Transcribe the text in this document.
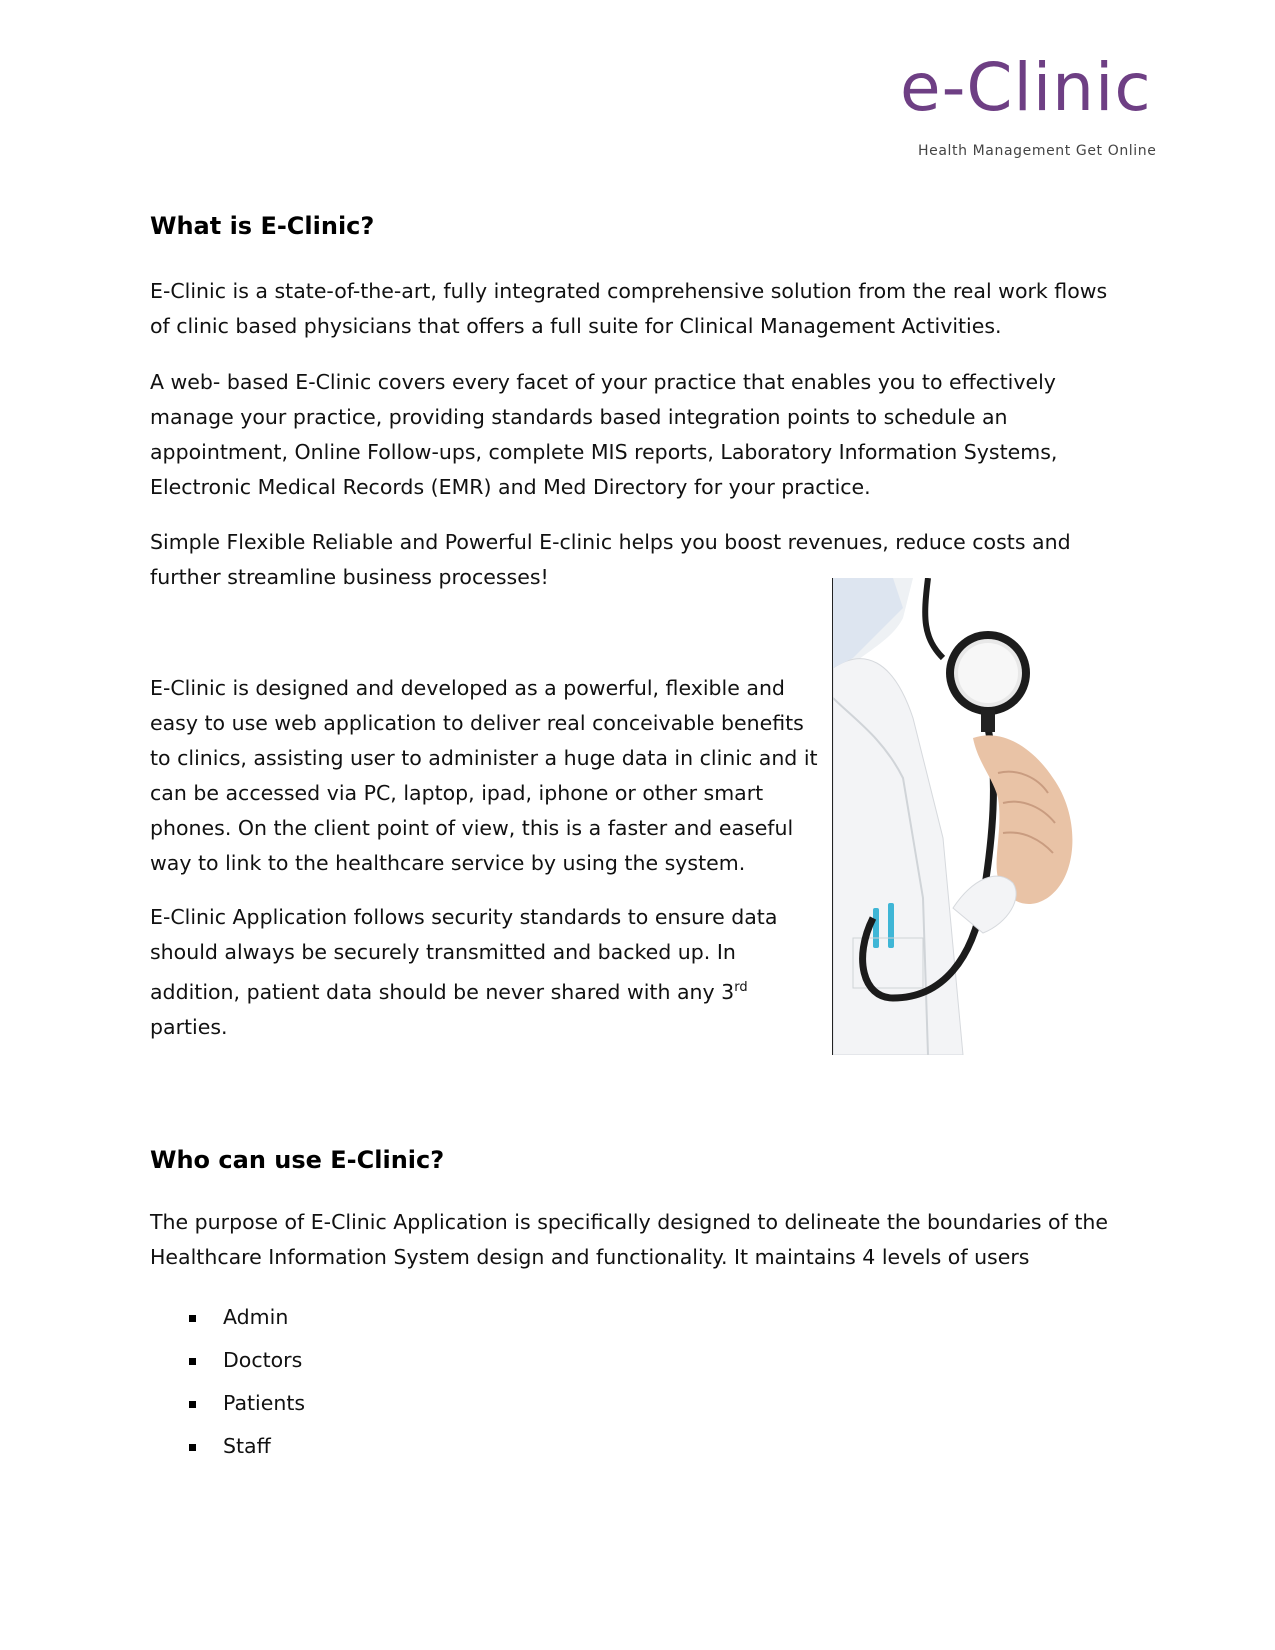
e-Clinic
Health Management Get Online
What is E-Clinic?

E-Clinic is a state-of-the-art, fully integrated comprehensive solution from the real work flows of clinic based physicians that offers a full suite for Clinical Management Activities.

A web- based E-Clinic covers every facet of your practice that enables you to effectively manage your practice, providing standards based integration points to schedule an appointment, Online Follow-ups, complete MIS reports, Laboratory Information Systems, Electronic Medical Records (EMR) and Med Directory for your practice.

Simple Flexible Reliable and Powerful E-clinic helps you boost revenues, reduce costs and further streamline business processes!

E-Clinic is designed and developed as a powerful, flexible and easy to use web application to deliver real conceivable benefits to clinics, assisting user to administer a huge data in clinic and it can be accessed via PC, laptop, ipad, iphone or other smart phones. On the client point of view, this is a faster and easeful way to link to the healthcare service by using the system.

E-Clinic Application follows security standards to ensure data should always be securely transmitted and backed up. In addition, patient data should be never shared with any 3rd parties.

Who can use E-Clinic?

The purpose of E-Clinic Application is specifically designed to delineate the boundaries of the Healthcare Information System design and functionality. It maintains 4 levels of users

Admin
Doctors
Patients
Staff
